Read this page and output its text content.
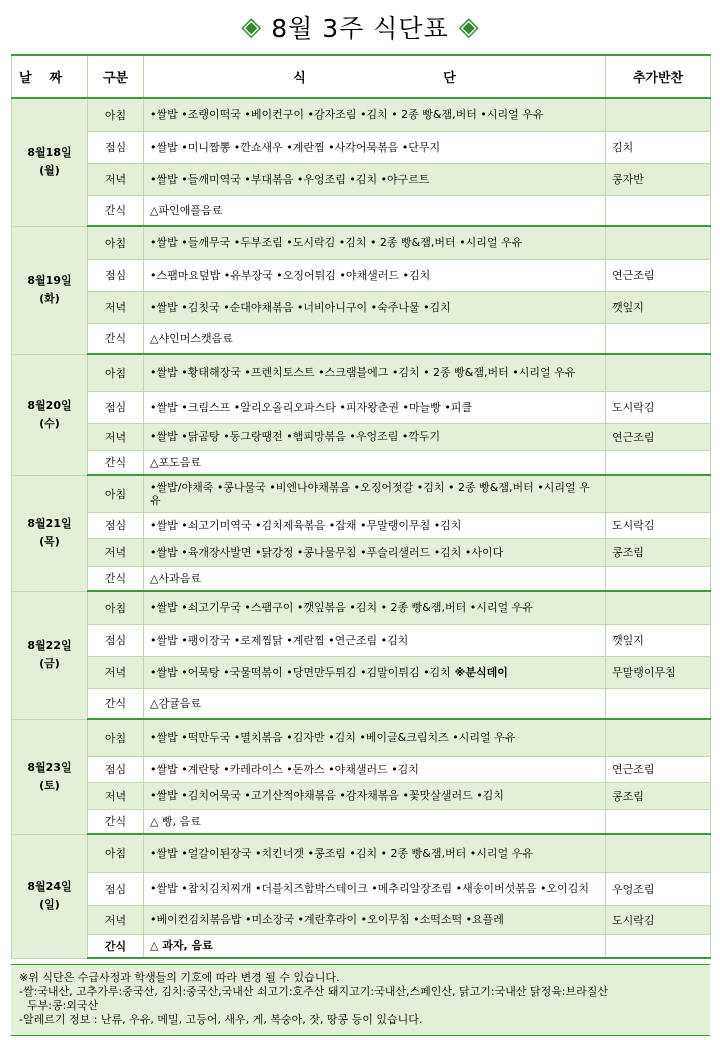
◈ 8월 3주 식단표 ◈
날짜	구분	식 단	추가반찬

8월18일
(월)	아침	•쌀밥 •조랭이떡국 •베이컨구이 •감자조림 •김치 • 2종 빵&잼,버터 •시리얼 우유	
	점심	•쌀밥 •미니짬뽕 •깐쇼새우 •계란찜 •사각어묵볶음 •단무지	김치
	저녁	•쌀밥 •들깨미역국 •부대볶음 •우엉조림 •김치 •야구르트	콩자반
	간식	△파인애플음료	

8월19일
(화)	아침	•쌀밥 •들깨무국 •두부조림 •도시락김 •김치 • 2종 빵&잼,버터 •시리얼 우유	
	점심	•스팸마요덮밥 •유부장국 •오징어튀김 •야채샐러드 •김치	연근조림
	저녁	•쌀밥 •김칫국 •순대야채볶음 •너비아니구이 •숙주나물 •김치	깻잎지
	간식	△샤인머스캣음료	

8월20일
(수)	아침	•쌀밥 •황태해장국 •프렌치토스트 •스크램블에그 •김치 • 2종 빵&잼,버터 •시리얼 우유	
	점심	•쌀밥 •크림스프 •알리오올리오파스타 •피자왕춘권 •마늘빵 •피클	도시락김
	저녁	•쌀밥 •닭곰탕 •동그랑땡전 •햄피망볶음 •우엉조림 •깍두기	연근조림
	간식	△포도음료	

8월21일
(목)	아침	•쌀밥/야채죽 •콩나물국 •비엔나야채볶음 •오징어젓갈 •김치 • 2종 빵&잼,버터 •시리얼 우유	
	점심	•쌀밥 •쇠고기미역국 •김치제육볶음 •잡채 •무말랭이무침 •김치	도시락김
	저녁	•쌀밥 •육개장사발면 •닭강정 •콩나물무침 •푸슬리샐러드 •김치 •사이다	콩조림
	간식	△사과음료	

8월22일
(금)	아침	•쌀밥 •쇠고기무국 •스팸구이 •깻잎볶음 •김치 • 2종 빵&잼,버터 •시리얼 우유	
	점심	•쌀밥 •팽이장국 •로제찜닭 •계란찜 •연근조림 •김치	깻잎지
	저녁	•쌀밥 •어묵탕 •국물떡볶이 •당면만두튀김 •김말이튀김 •김치 ※분식데이	무말랭이무침
	간식	△감귤음료	

8월23일
(토)	아침	•쌀밥 •떡만두국 •멸치볶음 •김자반 •김치 •베이글&크림치즈 •시리얼 우유	
	점심	•쌀밥 •계란탕 •카레라이스 •돈까스 •야채샐러드 •김치	연근조림
	저녁	•쌀밥 •김치어묵국 •고기산적야채볶음 •감자채볶음 •꽃맛살샐러드 •김치	콩조림
	간식	△ 빵, 음료	

8월24일
(일)	아침	•쌀밥 •얼갈이된장국 •치킨너겟 •콩조림 •김치 • 2종 빵&잼,버터 •시리얼 우유	
	점심	•쌀밥 •참치김치찌개 •더블치즈함박스테이크 •메추리알장조림 •새송이버섯볶음 •오이김치	우엉조림
	저녁	•베이컨김치볶음밥 •미소장국 •계란후라이 •오이무침 •소떡소떡 •요플레	도시락김
	간식	△ 과자, 음료	
※위 식단은 수급사정과 학생들의 기호에 따라 변경 될 수 있습니다.
-쌀:국내산, 고추가루:중국산, 김치:중국산,국내산 쇠고기:호주산 돼지고기:국내산,스페인산, 닭고기:국내산 닭정육:브라질산
두부:콩:외국산
-알레르기 정보 : 난류, 우유, 메밀, 고등어, 새우, 게, 복숭아, 잣, 땅콩 등이 있습니다.
